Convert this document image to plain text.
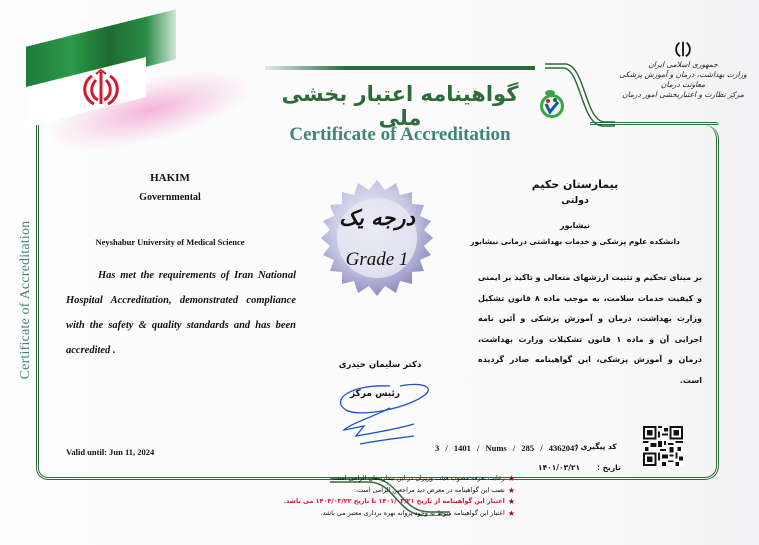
Certificate of Accreditation
گواهینامه اعتبار بخشی ملی
Certificate of Accreditation
جمهوری اسلامی ایران
وزارت بهداشت، درمان و آموزش پزشکی
معاونت درمان
مرکز نظارت و اعتباربخشی امور درمان
HAKIM
Governmental
Neyshabur University of Medical Science
Has met the requirements of Iran National Hospital Accreditation, demonstrated compliance with the safety & quality standards and has been accredited .
درجه یک
Grade 1
بیمارستان حکیم
دولتی
نیشابور
دانشکده علوم پزشکی و خدمات بهداشتی درمانی نیشابور
بر مبنای تحکیم و تثبیت ارزشهای متعالی و تاکید بر ایمنی و کیفیت خدمات سلامت، به موجب ماده ۸ قانون تشکیل وزارت بهداشت، درمان و آموزش پزشکی و آئین نامه اجرایی آن و ماده ۱ قانون تشکیلات وزارت بهداشت، درمان و آموزش پزشکی، این گواهینامه صادر گردیده است.
دکتر سلیمان حیدری
رئیس مرکز
Valid until: Jun 11, 2024	3 / 1401 / Nums / 285 / 4362047
کد پیگیری :
۱۴۰۱/۰۳/۲۱ تاریخ :
★
رعایت تعرفه مصوب هیئت وزیران در این بیمارستان الزامی است.
★
نصب این گواهینامه در معرض دید مراجعین الزامی است.
★
اعتبار این گواهینامه از تاریخ ۱۴۰۱/۰۳/۲۱ تا تاریخ ۱۴۰۳/۰۳/۲۲ می باشد.
★
اعتبار این گواهینامه منوط به وجود پروانه بهره برداری معتبر می باشد.
